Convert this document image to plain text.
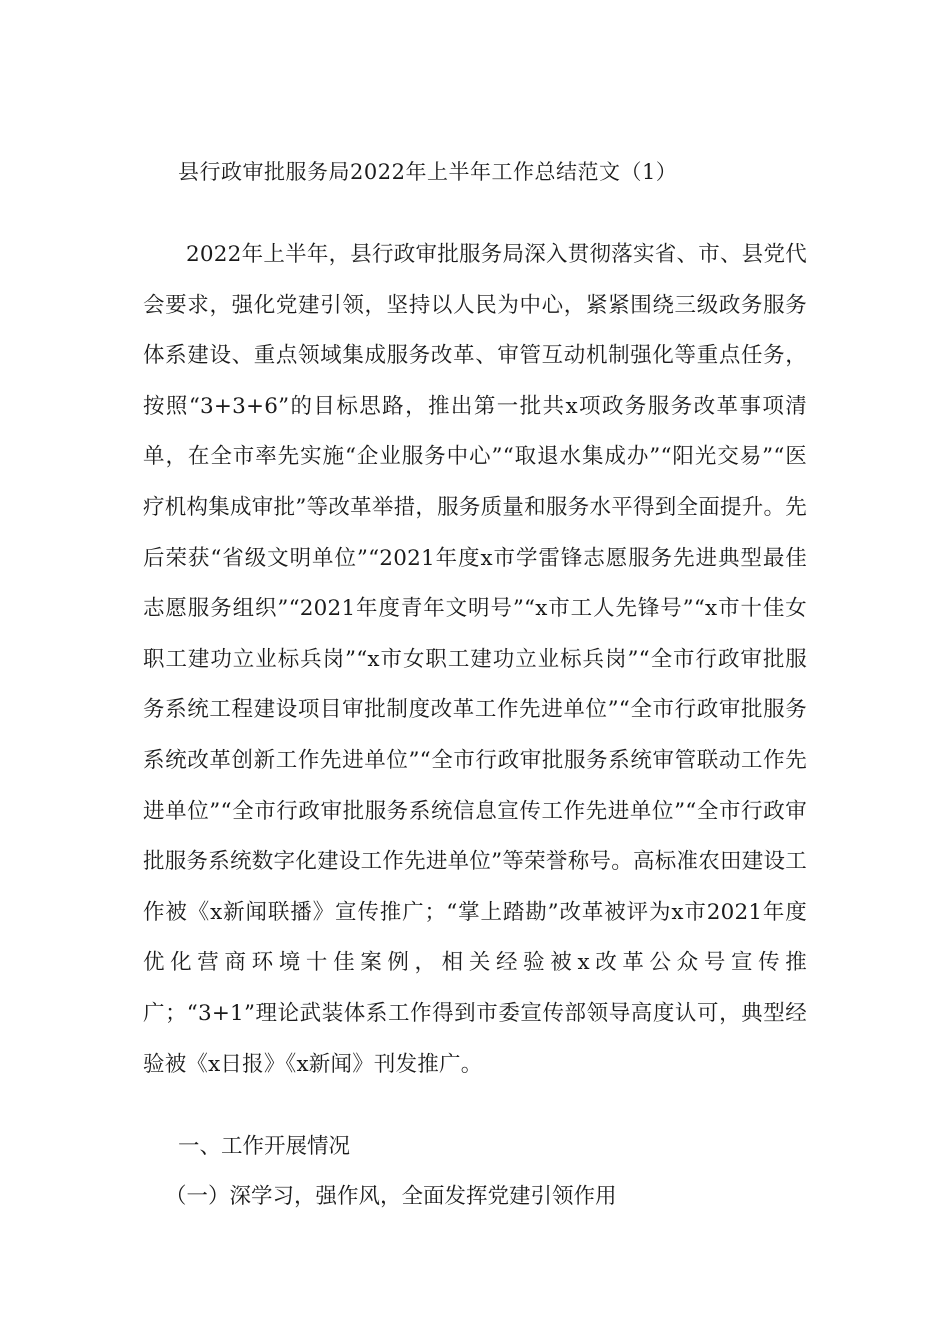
县行政审批服务局2022年上半年工作总结范文（1）

2022年上半年，县行政审批服务局深入贯彻落实省、市、县党代会要求，强化党建引领，坚持以人民为中心，紧紧围绕三级政务服务体系建设、重点领域集成服务改革、审管互动机制强化等重点任务，按照“3+3+6”的目标思路，推出第一批共x项政务服务改革事项清单，在全市率先实施“企业服务中心”“取退水集成办”“阳光交易”“医疗机构集成审批”等改革举措，服务质量和服务水平得到全面提升。先后荣获“省级文明单位”“2021年度x市学雷锋志愿服务先进典型最佳志愿服务组织”“2021年度青年文明号”“x市工人先锋号”“x市十佳女职工建功立业标兵岗”“x市女职工建功立业标兵岗”“全市行政审批服务系统工程建设项目审批制度改革工作先进单位”“全市行政审批服务系统改革创新工作先进单位”“全市行政审批服务系统审管联动工作先进单位”“全市行政审批服务系统信息宣传工作先进单位”“全市行政审批服务系统数字化建设工作先进单位”等荣誉称号。高标准农田建设工作被《x新闻联播》宣传推广；“掌上踏勘”改革被评为x市2021年度优化营商环境十佳案例，相关经验被x改革公众号宣传推广；“3+1”理论武装体系工作得到市委宣传部领导高度认可，典型经验被《x日报》《x新闻》刊发推广。

一、工作开展情况
（一）深学习，强作风，全面发挥党建引领作用
